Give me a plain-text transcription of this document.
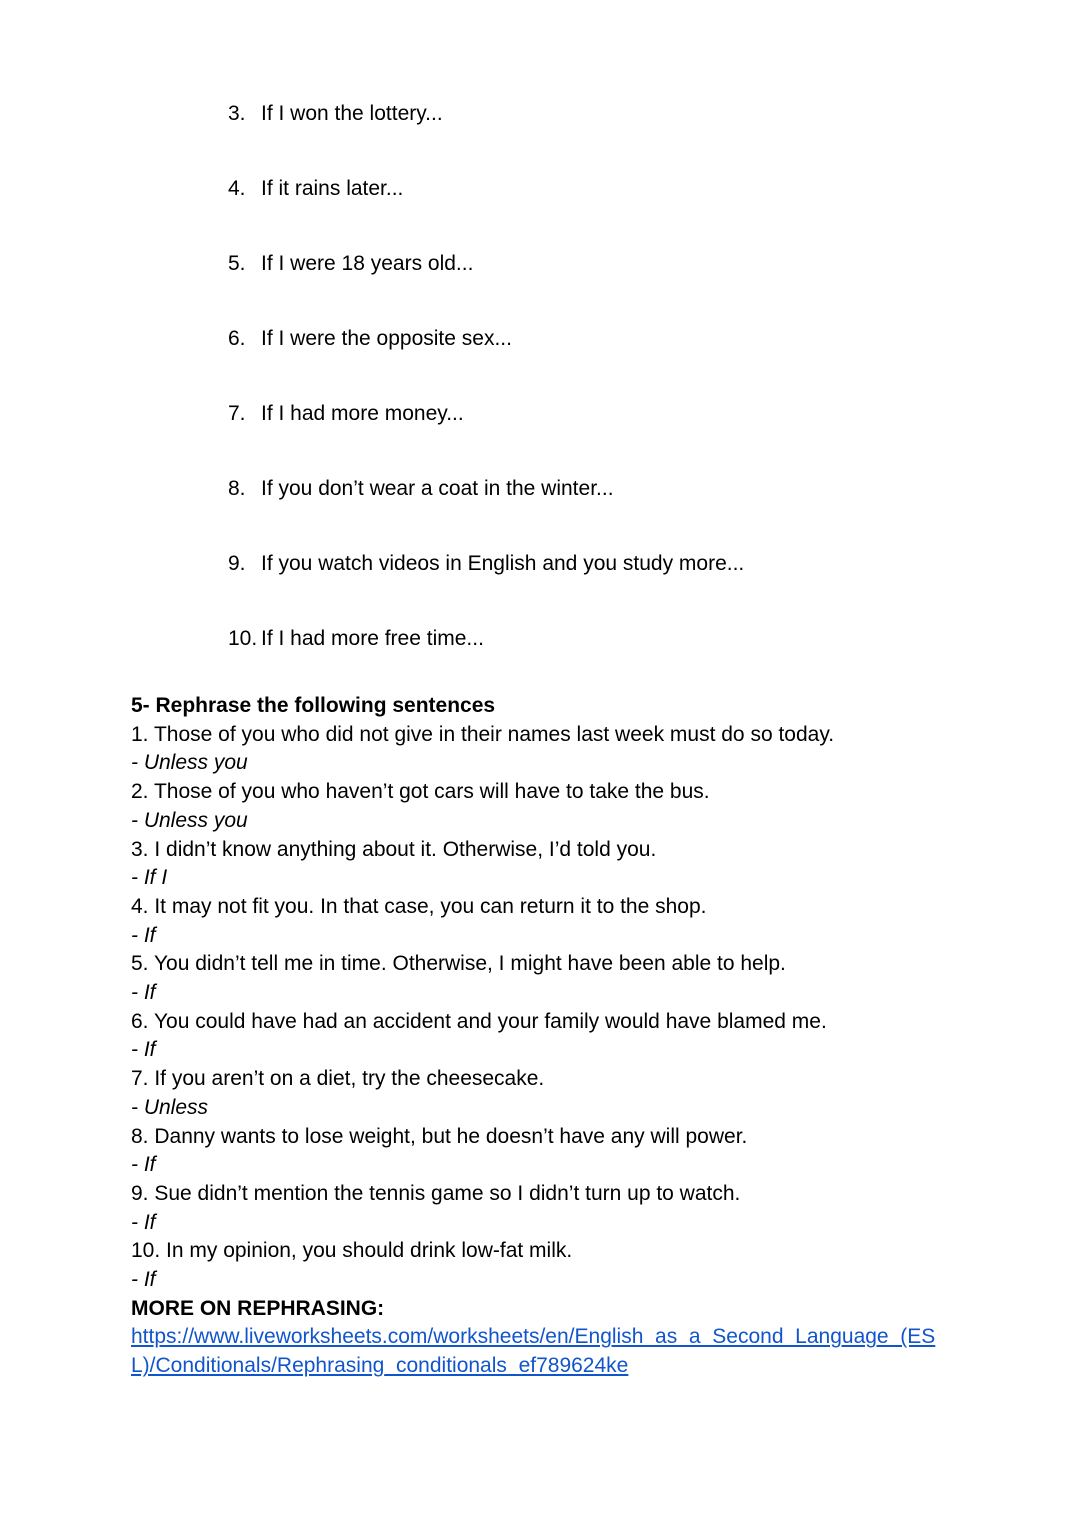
3. If I won the lottery...
4. If it rains later...
5. If I were 18 years old...
6. If I were the opposite sex...
7. If I had more money...
8. If you don’t wear a coat in the winter...
9. If you watch videos in English and you study more...
10. If I had more free time...
5- Rephrase the following sentences
1. Those of you who did not give in their names last week must do so today.
- Unless you
2. Those of you who haven’t got cars will have to take the bus.
- Unless you
3. I didn’t know anything about it. Otherwise, I’d told you.
- If I
4. It may not fit you. In that case, you can return it to the shop.
- If
5. You didn’t tell me in time. Otherwise, I might have been able to help.
- If
6. You could have had an accident and your family would have blamed me.
- If
7. If you aren’t on a diet, try the cheesecake.
- Unless
8. Danny wants to lose weight, but he doesn’t have any will power.
- If
9. Sue didn’t mention the tennis game so I didn’t turn up to watch.
- If
10. In my opinion, you should drink low-fat milk.
- If
MORE ON REPHRASING:
https://www.liveworksheets.com/worksheets/en/English_as_a_Second_Language_(ESL)/Conditionals/Rephrasing_conditionals_ef789624ke
